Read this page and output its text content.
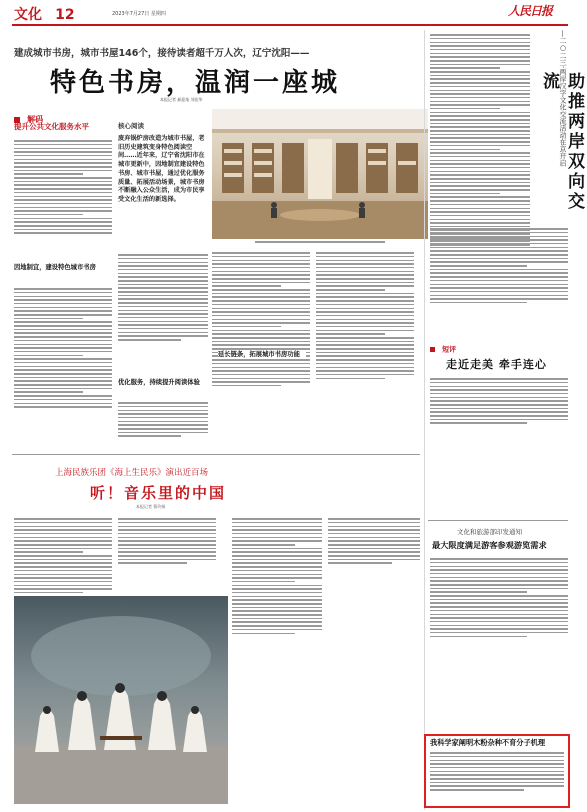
文化 12	2023年7月27日 星期四	人民日报
建成城市书房，城市书屋146个，接待读者超千万人次，辽宁沈阳——
特色书房，温润一座城
本报记者 郝迎灿 刘佳华
解码
提升公共文化服务水平
因地制宜，建设特色城市书房
核心阅读
废弃锅炉房改造为城市书屋，老旧历史建筑变身特色阅读空间……近年来，辽宁省沈阳市在城市更新中，因地制宜建设特色书房、城市书屋，通过优化服务质量、拓展活动场景，城市书房不断融入公众生活，成为市民享受文化生活的新选择。
优化服务，持续提升阅读体验
延长链条，拓展城市书房功能
上海民族乐团《海上生民乐》演出近百场
听！音乐里的中国
本报记者 曹玲娟
—二○二三·两岸汉字文化交流活动在京开启
助推两岸双向交流
短评
走近走美 牵手连心
文化和旅游部印发通知
最大限度满足游客参观游览需求
我科学家阐明木粉杂种不育分子机理
